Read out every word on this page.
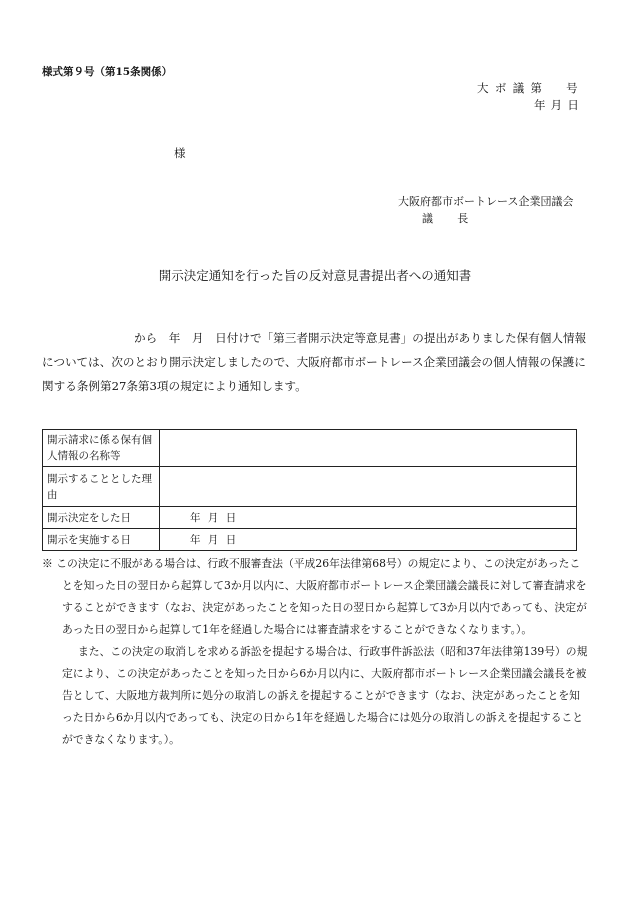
様式第９号（第15条関係）
大ボ議第　号
年月日
様
大阪府都市ボートレース企業団議会
議　長
開示決定通知を行った旨の反対意見書提出者への通知書
から　年　月　日付けで「第三者開示決定等意見書」の提出がありました保有個人情報については、次のとおり開示決定しましたので、大阪府都市ボートレース企業団議会の個人情報の保護に関する条例第27条第3項の規定により通知します。
開示請求に係る保有個人情報の名称等	
開示することとした理由	
開示決定をした日	年月日
開示を実施する日	年月日

※ この決定に不服がある場合は、行政不服審査法（平成26年法律第68号）の規定により、この決定があったことを知った日の翌日から起算して3か月以内に、大阪府都市ボートレース企業団議会議長に対して審査請求をすることができます（なお、決定があったことを知った日の翌日から起算して3か月以内であっても、決定があった日の翌日から起算して1年を経過した場合には審査請求をすることができなくなります。）。

また、この決定の取消しを求める訴訟を提起する場合は、行政事件訴訟法（昭和37年法律第139号）の規定により、この決定があったことを知った日から6か月以内に、大阪府都市ボートレース企業団議会議長を被告として、大阪地方裁判所に処分の取消しの訴えを提起することができます（なお、決定があったことを知った日から6か月以内であっても、決定の日から1年を経過した場合には処分の取消しの訴えを提起することができなくなります。）。
